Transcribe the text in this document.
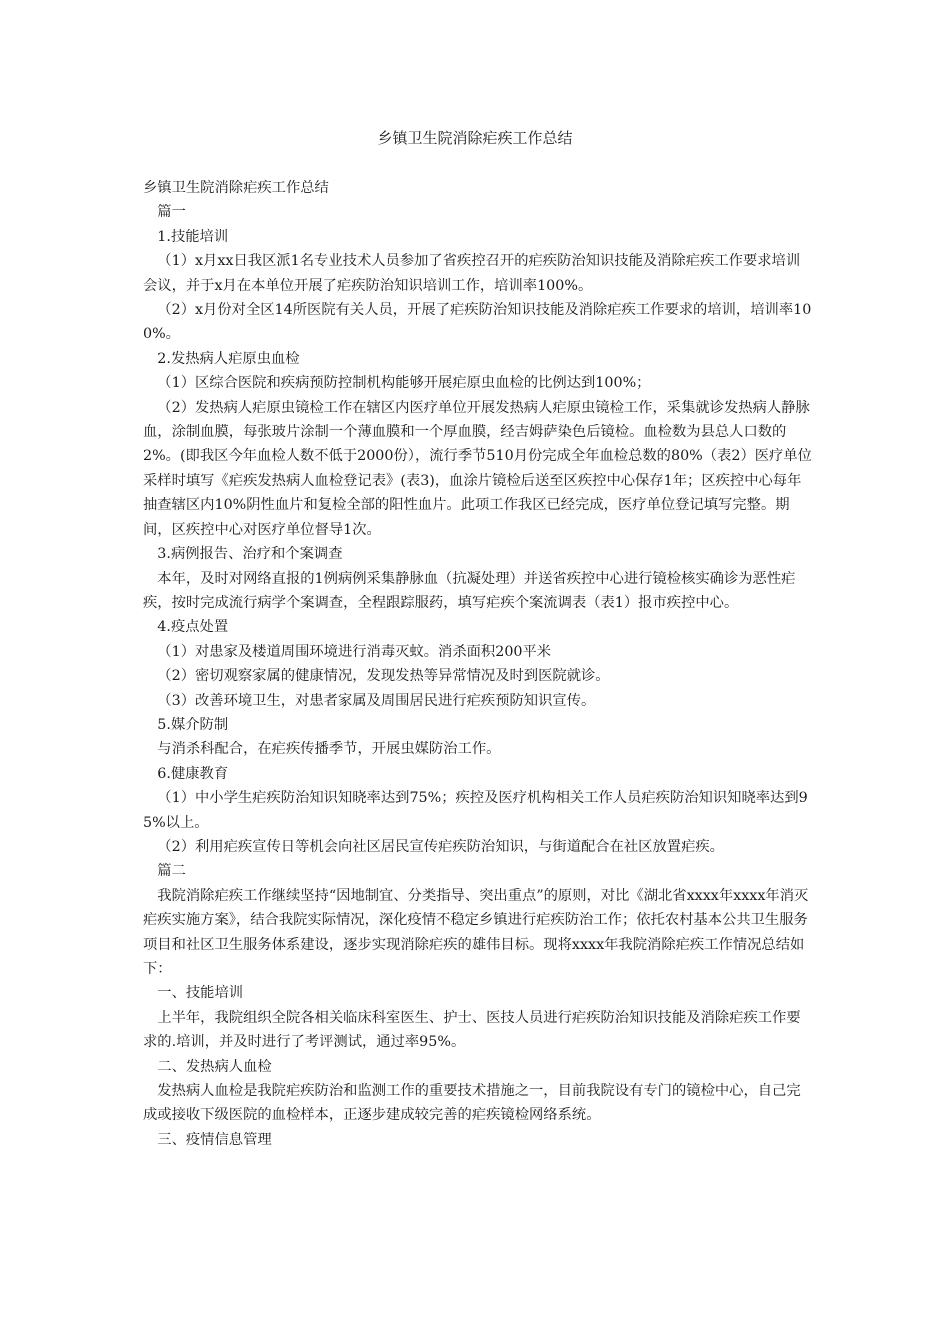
乡镇卫生院消除疟疾工作总结

乡镇卫生院消除疟疾工作总结

篇一

1.技能培训

（1）x月xx日我区派1名专业技术人员参加了省疾控召开的疟疾防治知识技能及消除疟疾工作要求培训会议，并于x月在本单位开展了疟疾防治知识培训工作，培训率100%。

（2）x月份对全区14所医院有关人员，开展了疟疾防治知识技能及消除疟疾工作要求的培训，培训率100%。

2.发热病人疟原虫血检

（1）区综合医院和疾病预防控制机构能够开展疟原虫血检的比例达到100%；

（2）发热病人疟原虫镜检工作在辖区内医疗单位开展发热病人疟原虫镜检工作，采集就诊发热病人静脉血，涂制血膜，每张玻片涂制一个薄血膜和一个厚血膜，经吉姆萨染色后镜检。血检数为县总人口数的2%。(即我区今年血检人数不低于2000份），流行季节510月份完成全年血检总数的80%（表2）医疗单位采样时填写《疟疾发热病人血检登记表》(表3)，血涂片镜检后送至区疾控中心保存1年；区疾控中心每年抽查辖区内10%阴性血片和复检全部的阳性血片。此项工作我区已经完成，医疗单位登记填写完整。期间，区疾控中心对医疗单位督导1次。

3.病例报告、治疗和个案调查

本年，及时对网络直报的1例病例采集静脉血（抗凝处理）并送省疾控中心进行镜检核实确诊为恶性疟疾，按时完成流行病学个案调查，全程跟踪服药，填写疟疾个案流调表（表1）报市疾控中心。

4.疫点处置

（1）对患家及楼道周围环境进行消毒灭蚊。消杀面积200平米

（2）密切观察家属的健康情况，发现发热等异常情况及时到医院就诊。

（3）改善环境卫生，对患者家属及周围居民进行疟疾预防知识宣传。

5.媒介防制

与消杀科配合，在疟疾传播季节，开展虫媒防治工作。

6.健康教育

（1）中小学生疟疾防治知识知晓率达到75%；疾控及医疗机构相关工作人员疟疾防治知识知晓率达到95%以上。

（2）利用疟疾宣传日等机会向社区居民宣传疟疾防治知识，与街道配合在社区放置疟疾。

篇二

我院消除疟疾工作继续坚持“因地制宜、分类指导、突出重点”的原则，对比《湖北省xxxx年xxxx年消灭疟疾实施方案》，结合我院实际情况，深化疫情不稳定乡镇进行疟疾防治工作；依托农村基本公共卫生服务项目和社区卫生服务体系建设，逐步实现消除疟疾的雄伟目标。现将xxxx年我院消除疟疾工作情况总结如下：

一、技能培训

上半年，我院组织全院各相关临床科室医生、护士、医技人员进行疟疾防治知识技能及消除疟疾工作要求的.培训，并及时进行了考评测试，通过率95%。

二、发热病人血检

发热病人血检是我院疟疾防治和监测工作的重要技术措施之一，目前我院设有专门的镜检中心，自己完成或接收下级医院的血检样本，正逐步建成较完善的疟疾镜检网络系统。

三、疫情信息管理
